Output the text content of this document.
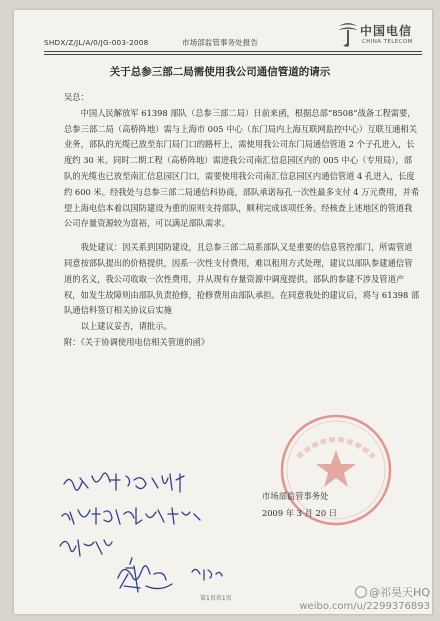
SHDX/Z/JL/A/0/JG-003-2008	市场部监管事务处报告
中国电信
CHINA TELECOM
关于总参三部二局需使用我公司通信管道的请示

吴总：

中国人民解放军 61398 部队（总参三部二局）日前来函，根据总部“8508”战备工程需要，总参三部二局（高桥阵地）需与上海市 005 中心（东门局内上海互联网监控中心）互联互通相关业务，部队的光缆已放至东门局门口的路杆上，需使用我公司东门局通信管道 2 个子孔进入，长度约 30 米。同时二期工程（高桥阵地）需进我公司南汇信息园区内的 005 中心（专用局），部队的光缆也已放至南汇信息园区门口，需要使用我公司南汇信息园区内通信管道 4 孔进入，长度约 600 米。经我处与总参三部二局通信科协商，部队承诺每孔一次性最多支付 4 万元费用，并希望上海电信本着以国防建设为重的原则支持部队，顺利完成该项任务。经核查上述地区的管道我公司存量资源较为富裕，可以满足部队需求。

我处建议：因关系到国防建设，且总参三部二局系部队又是重要的信息管控部门，所需管道同意按部队提出的价格提供，因系一次性支付费用，难以租用方式处理，建议以部队参建通信管道的名义，我公司收取一次性费用，并从现有存量资源中调度提供。部队的参建不涉及管道产权，如发生故障则由部队负责抢修，抢修费用由部队承担。在同意我处的建议后，将与 61398 部队通信科签订相关协议后实施

以上建议妥否，请批示。

附：《关于协调使用电信相关管道的函》

市场部监管事务处
2009 年 3 月 20 日
第1页共1页	@祁昊天HQ
weibo.com/u/2299376893
